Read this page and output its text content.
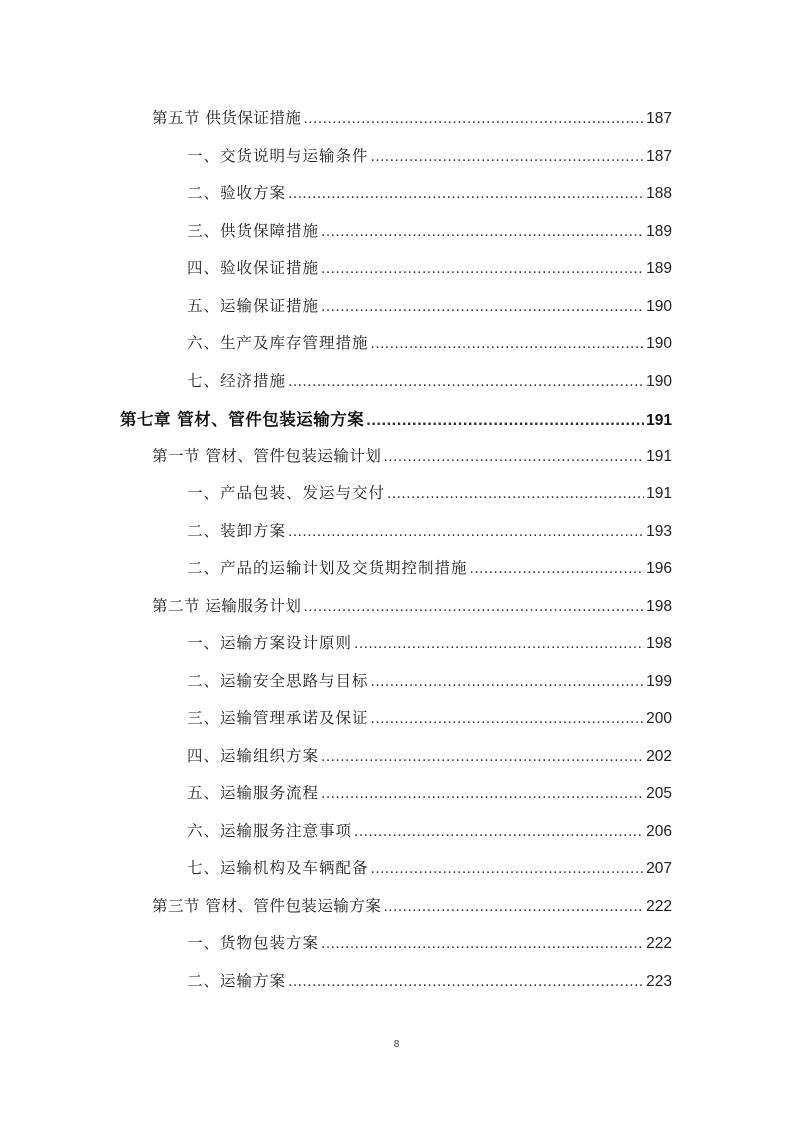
第五节 供货保证措施 .....	187
一、交货说明与运输条件 .....	187
二、验收方案 .....	188
三、供货保障措施 .....	189
四、验收保证措施 .....	189
五、运输保证措施 .....	190
六、生产及库存管理措施 .....	190
七、经济措施 .....	190
第七章 管材、管件包装运输方案 .....	191
第一节 管材、管件包装运输计划 .....	191
一、产品包装、发运与交付 .....	191
二、装卸方案 .....	193
二、产品的运输计划及交货期控制措施 .....	196
第二节 运输服务计划 .....	198
一、运输方案设计原则 .....	198
二、运输安全思路与目标 .....	199
三、运输管理承诺及保证 .....	200
四、运输组织方案 .....	202
五、运输服务流程 .....	205
六、运输服务注意事项 .....	206
七、运输机构及车辆配备 .....	207
第三节 管材、管件包装运输方案 .....	222
一、货物包装方案 .....	222
二、运输方案 .....	223
8
